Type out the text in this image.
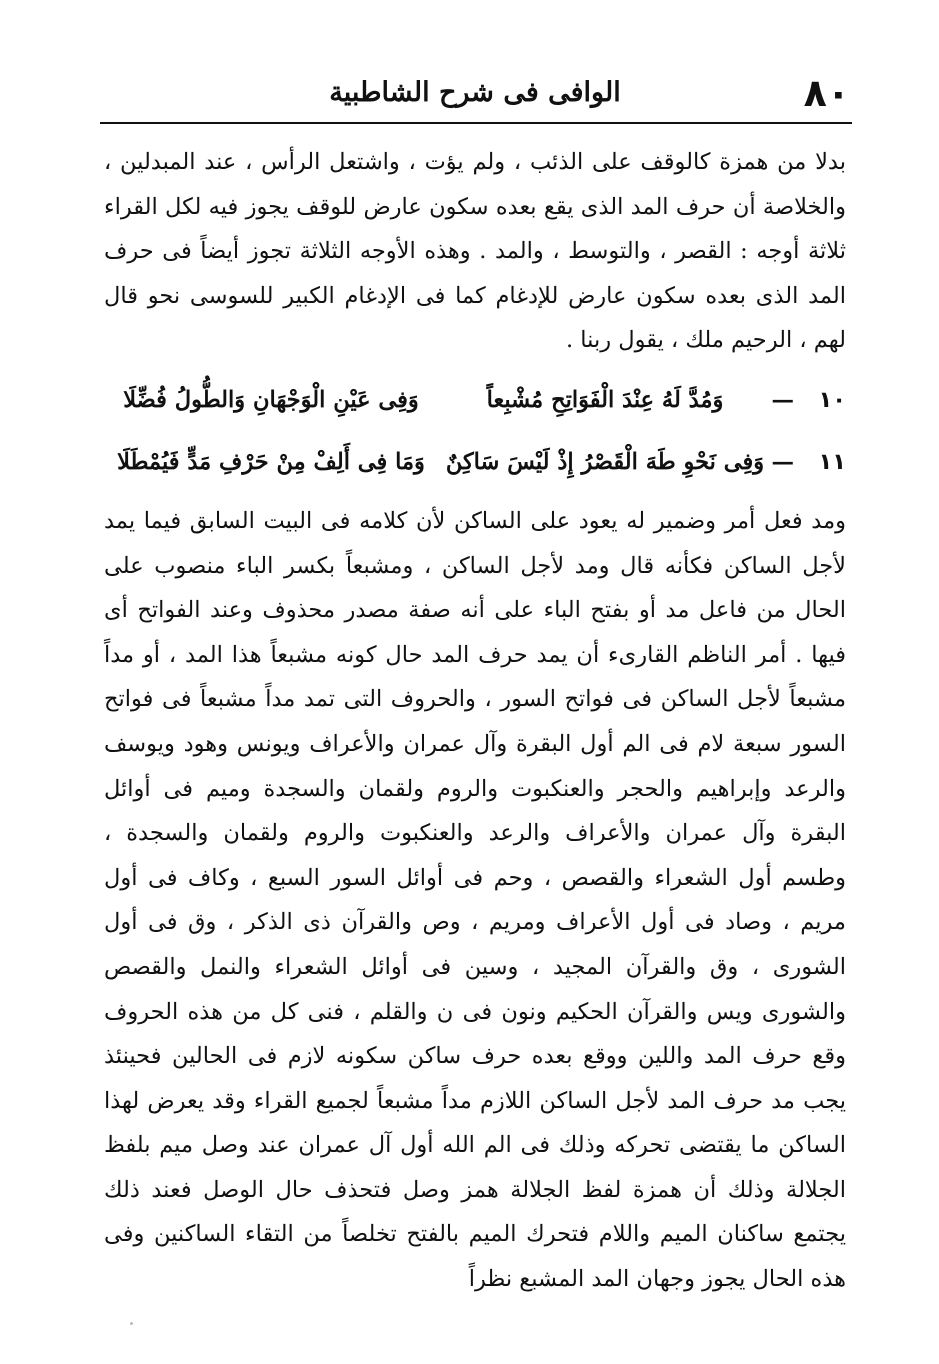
٨٠
الوافى فى شرح الشاطبية

بدلا من همزة كالوقف على الذئب ، ولم يؤت ، واشتعل الرأس ، عند المبدلين ، والخلاصة أن حرف المد الذى يقع بعده سكون عارض للوقف يجوز فيه لكل القراء ثلاثة أوجه : القصر ، والتوسط ، والمد . وهذه الأوجه الثلاثة تجوز أيضاً فى حرف المد الذى بعده سكون عارض للإدغام كما فى الإدغام الكبير للسوسى نحو قال لهم ، الرحيم ملك ، يقول ربنا .

١٠
—
وَمُدَّ لَهُ عِنْدَ الْفَوَاتِحِ مُشْبِعاً
وَفِى عَيْنِ الْوَجْهَانِ وَالطُّولُ فُضِّلَا
١١
—
وَفِى نَحْوِ طَهَ الْقَصْرُ إِذْ لَيْسَ سَاكِنٌ
وَمَا فِى أَلِفْ مِنْ حَرْفِ مَدٍّ فَيُمْطَلَا

ومد فعل أمر وضمير له يعود على الساكن لأن كلامه فى البيت السابق فيما يمد لأجل الساكن فكأنه قال ومد لأجل الساكن ، ومشبعاً بكسر الباء منصوب على الحال من فاعل مد أو بفتح الباء على أنه صفة مصدر محذوف وعند الفواتح أى فيها . أمر الناظم القارىء أن يمد حرف المد حال كونه مشبعاً هذا المد ، أو مداً مشبعاً لأجل الساكن فى فواتح السور ، والحروف التى تمد مداً مشبعاً فى فواتح السور سبعة لام فى الم أول البقرة وآل عمران والأعراف ويونس وهود ويوسف والرعد وإبراهيم والحجر والعنكبوت والروم ولقمان والسجدة وميم فى أوائل البقرة وآل عمران والأعراف والرعد والعنكبوت والروم ولقمان والسجدة ، وطسم أول الشعراء والقصص ، وحم فى أوائل السور السبع ، وكاف فى أول مريم ، وصاد فى أول الأعراف ومريم ، وص والقرآن ذى الذكر ، وق فى أول الشورى ، وق والقرآن المجيد ، وسين فى أوائل الشعراء والنمل والقصص والشورى ويس والقرآن الحكيم ونون فى ن والقلم ، فنى كل من هذه الحروف وقع حرف المد واللين ووقع بعده حرف ساكن سكونه لازم فى الحالين فحينئذ يجب مد حرف المد لأجل الساكن اللازم مداً مشبعاً لجميع القراء وقد يعرض لهذا الساكن ما يقتضى تحركه وذلك فى الم الله أول آل عمران عند وصل ميم بلفظ الجلالة وذلك أن همزة لفظ الجلالة همز وصل فتحذف حال الوصل فعند ذلك يجتمع ساكنان الميم واللام فتحرك الميم بالفتح تخلصاً من التقاء الساكنين وفى هذه الحال يجوز وجهان المد المشبع نظراً
